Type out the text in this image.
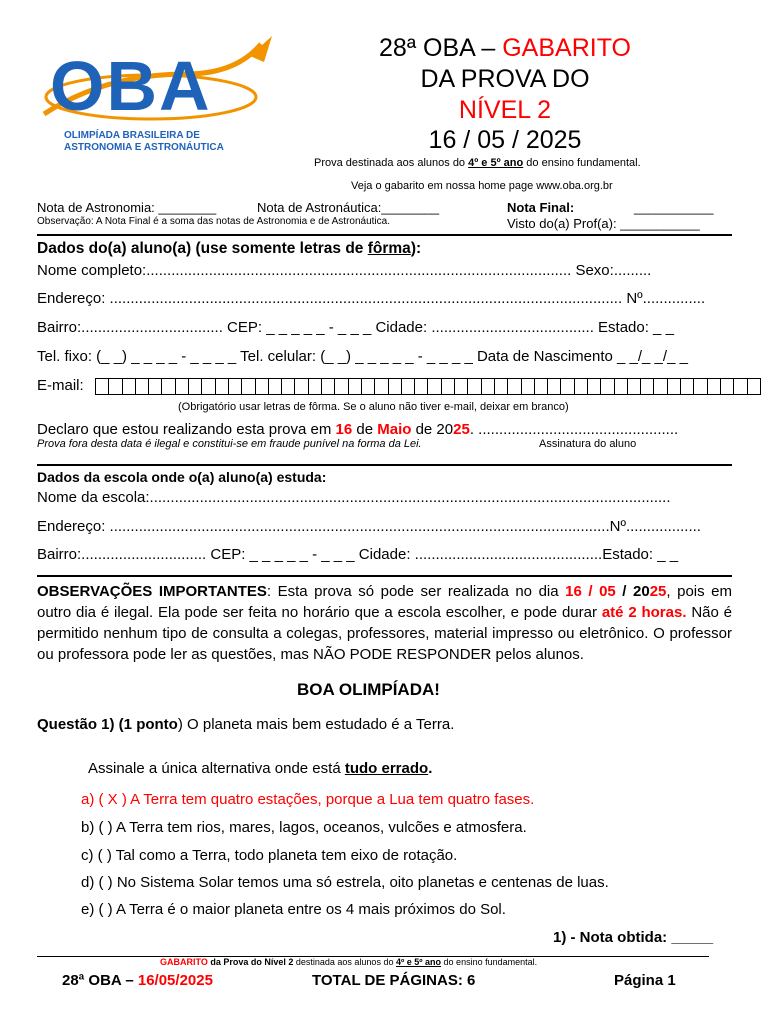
OBA
OLIMPÍADA BRASILEIRA DE
ASTRONOMIA E ASTRONÁUTICA
28ª OBA – GABARITO
DA PROVA DO
NÍVEL 2
16 / 05 / 2025
Prova destinada aos alunos do 4º e 5º ano do ensino fundamental.
Veja o gabarito em nossa home page www.oba.org.br
Nota de Astronomia: ________	Nota de Astronáutica:________	Nota Final:	___________
Observação: A Nota Final é a soma das notas de Astronomia e de Astronáutica.	Visto do(a) Prof(a): ___________
Dados do(a) aluno(a) (use somente letras de fôrma):
Nome completo:...................................................................................................... Sexo:.........
Endereço: ........................................................................................................................... Nº...............
Bairro:.................................. CEP: _ _ _ _ _ - _ _ _ Cidade: ....................................... Estado: _ _
Tel. fixo: (_ _) _ _ _ _ - _ _ _ _ Tel. celular: (_ _) _ _ _ _ _ - _ _ _ _ Data de Nascimento _ _/_ _/_ _
E-mail:
(Obrigatório usar letras de fôrma. Se o aluno não tiver e-mail, deixar em branco)
Declaro que estou realizando esta prova em 16 de Maio de 2025. ................................................
Prova fora desta data é ilegal e constitui-se em fraude punível na forma da Lei.	Assinatura do aluno
Dados da escola onde o(a) aluno(a) estuda:
Nome da escola:.............................................................................................................................
Endereço: ........................................................................................................................Nº..................
Bairro:.............................. CEP: _ _ _ _ _ - _ _ _ Cidade: .............................................Estado: _ _
OBSERVAÇÕES IMPORTANTES: Esta prova só pode ser realizada no dia 16 / 05 / 2025, pois em outro dia é ilegal. Ela pode ser feita no horário que a escola escolher, e pode durar até 2 horas. Não é permitido nenhum tipo de consulta a colegas, professores, material impresso ou eletrônico. O professor ou professora pode ler as questões, mas NÃO PODE RESPONDER pelos alunos.
BOA OLIMPÍADA!
Questão 1) (1 ponto) O planeta mais bem estudado é a Terra.
Assinale a única alternativa onde está tudo errado.
a) ( X ) A Terra tem quatro estações, porque a Lua tem quatro fases.
b) ( ) A Terra tem rios, mares, lagos, oceanos, vulcões e atmosfera.
c) ( ) Tal como a Terra, todo planeta tem eixo de rotação.
d) ( ) No Sistema Solar temos uma só estrela, oito planetas e centenas de luas.
e) ( ) A Terra é o maior planeta entre os 4 mais próximos do Sol.
1) - Nota obtida: _____
GABARITO da Prova do Nível 2 destinada aos alunos do 4º e 5º ano do ensino fundamental.
28ª OBA – 16/05/2025	TOTAL DE PÁGINAS: 6	Página 1
